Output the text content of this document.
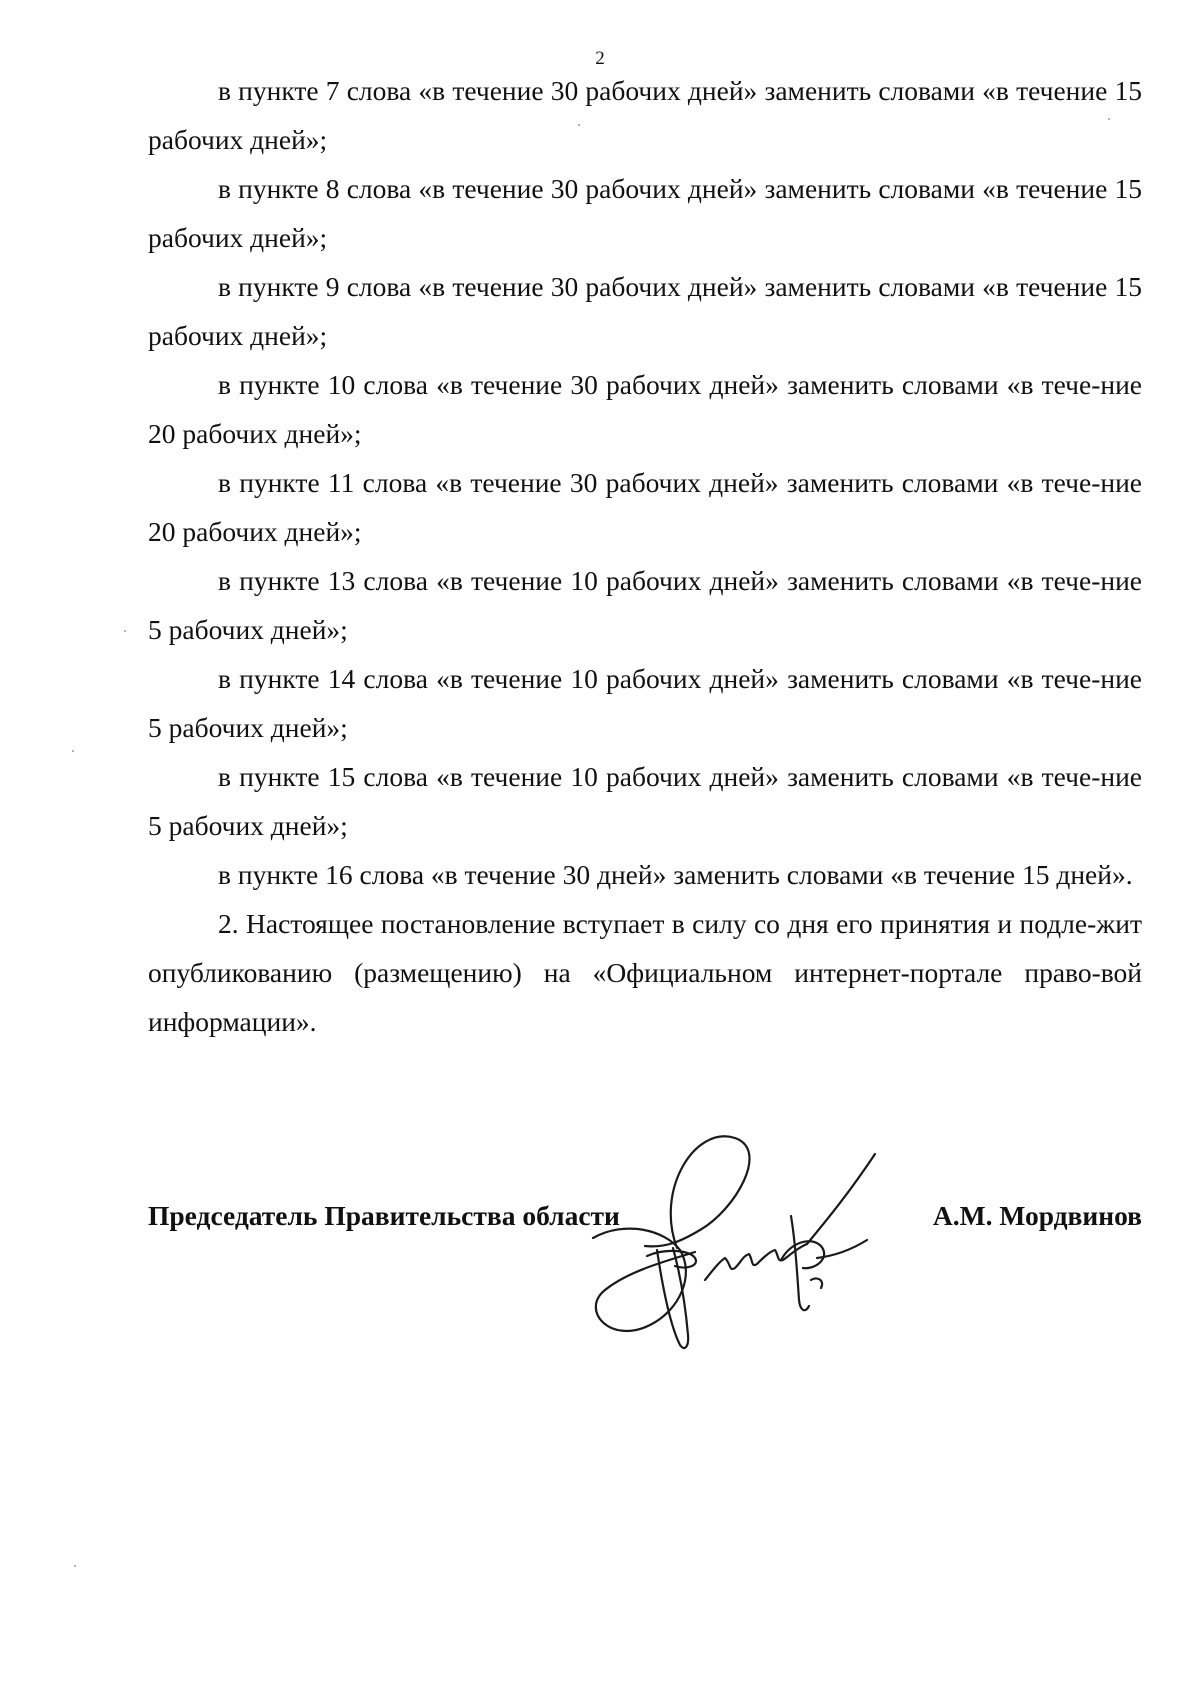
2

в пункте 7 слова «в течение 30 рабочих дней» заменить словами «в течение 15 рабочих дней»;

в пункте 8 слова «в течение 30 рабочих дней» заменить словами «в течение 15 рабочих дней»;

в пункте 9 слова «в течение 30 рабочих дней» заменить словами «в течение 15 рабочих дней»;

в пункте 10 слова «в течение 30 рабочих дней» заменить словами «в тече-ние 20 рабочих дней»;

в пункте 11 слова «в течение 30 рабочих дней» заменить словами «в тече-ние 20 рабочих дней»;

в пункте 13 слова «в течение 10 рабочих дней» заменить словами «в тече-ние 5 рабочих дней»;

в пункте 14 слова «в течение 10 рабочих дней» заменить словами «в тече-ние 5 рабочих дней»;

в пункте 15 слова «в течение 10 рабочих дней» заменить словами «в тече-ние 5 рабочих дней»;

в пункте 16 слова «в течение 30 дней» заменить словами «в течение 15 дней».

2. Настоящее постановление вступает в силу со дня его принятия и подле-жит опубликованию (размещению) на «Официальном интернет-портале право-вой информации».

Председатель Правительства области	А.М. Мордвинов
